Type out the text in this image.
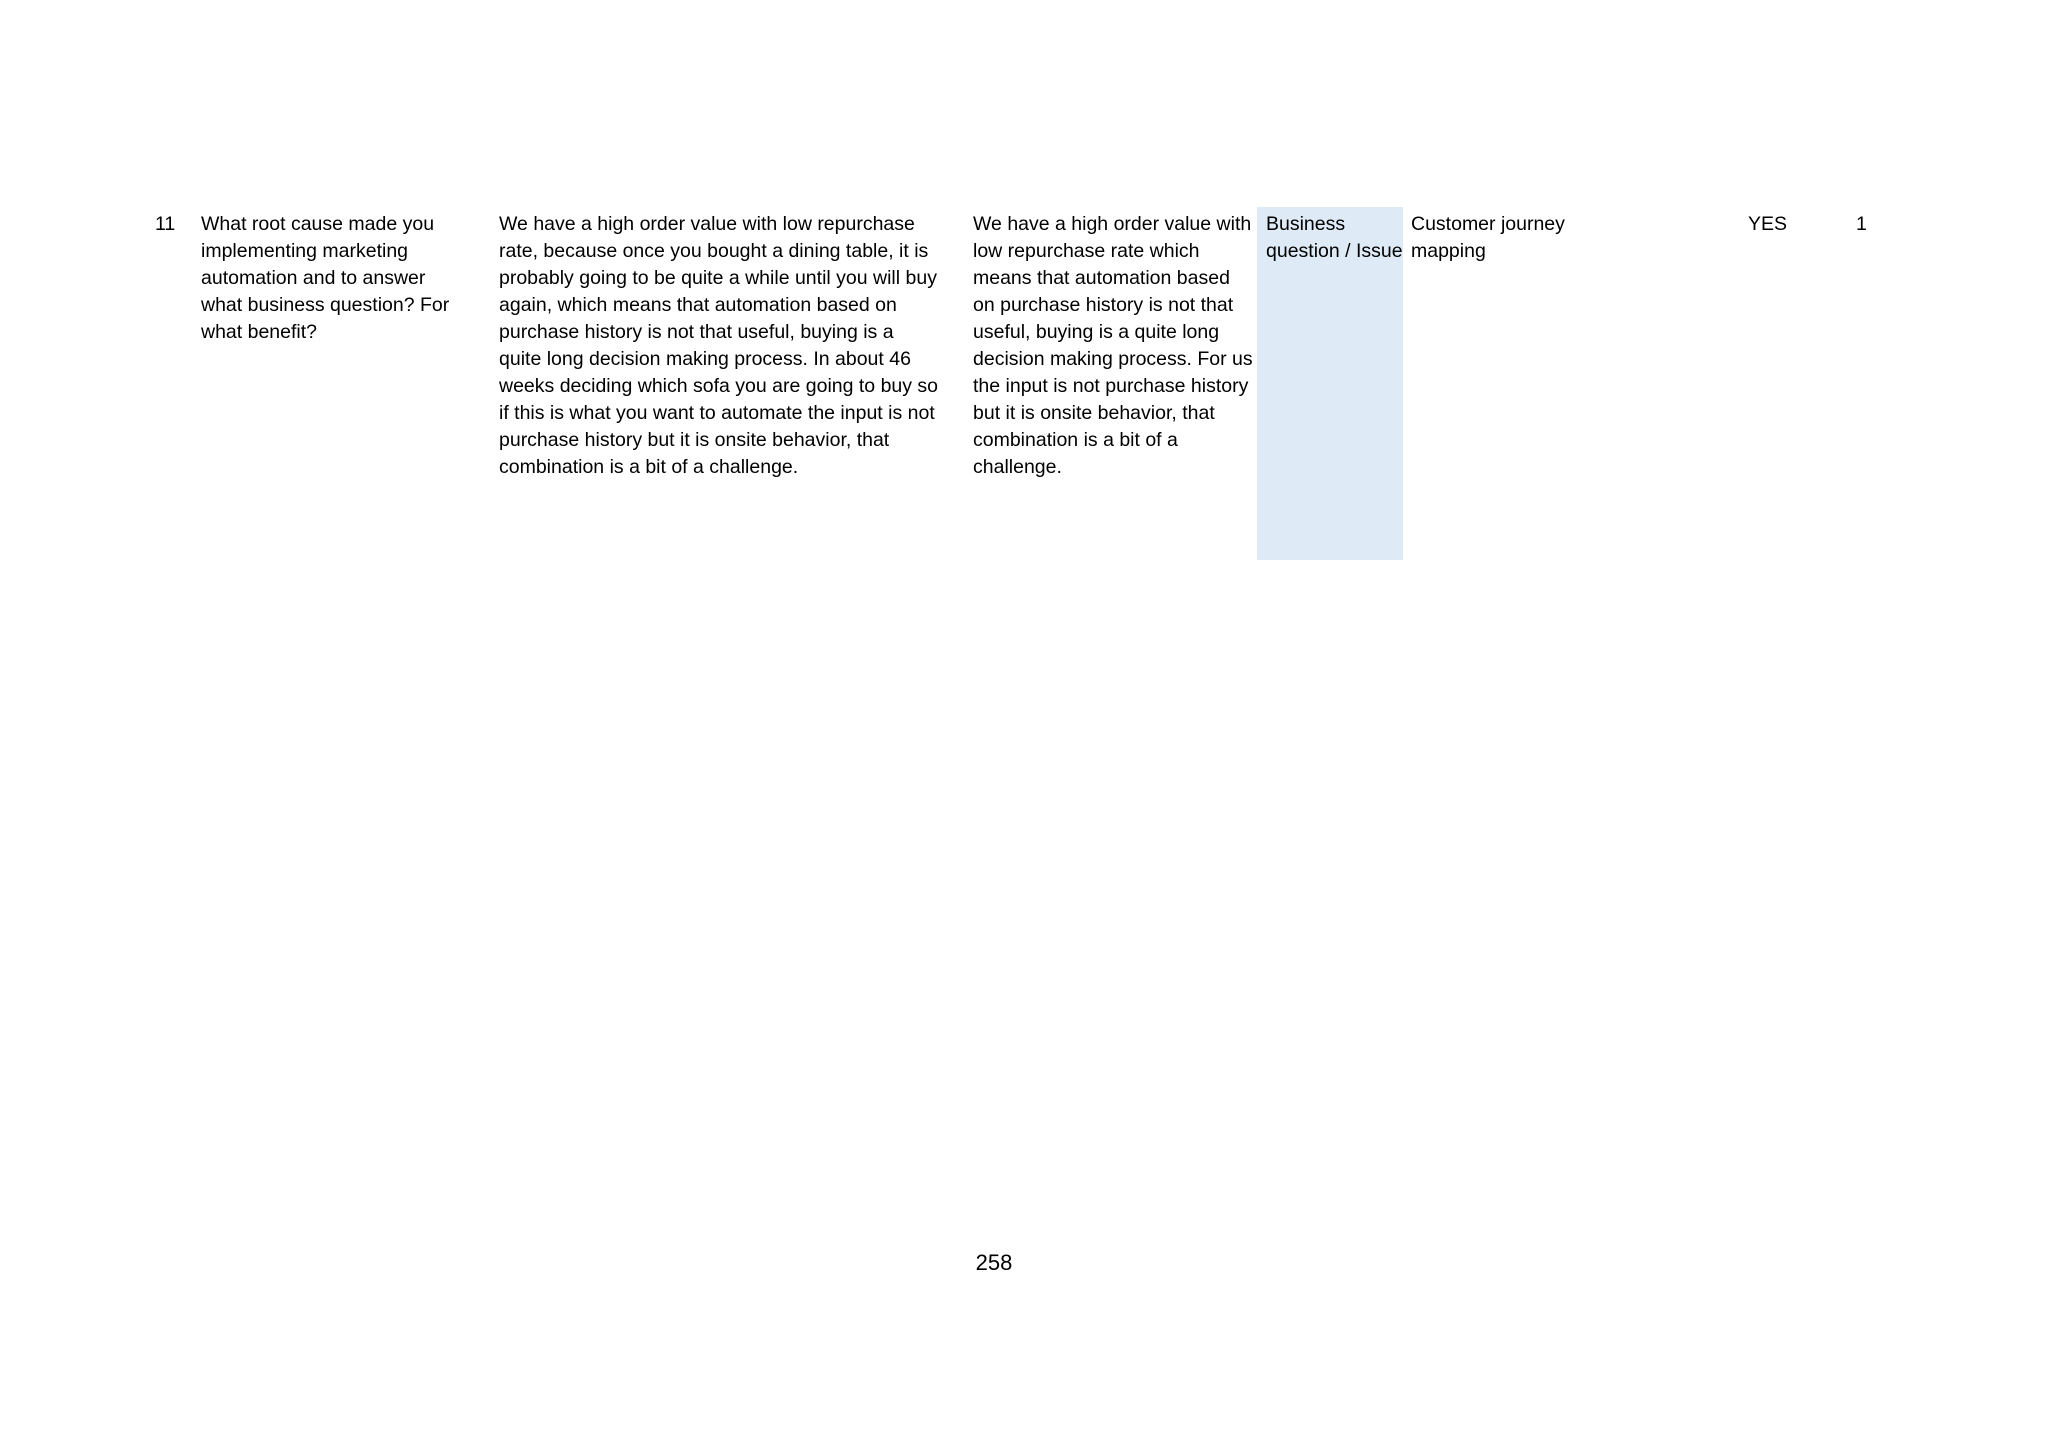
11	What root cause made you implementing marketing automation and to answer what business question? For what benefit?
We have a high order value with low repurchase rate, because once you bought a dining table, it is probably going to be quite a while until you will buy again, which means that automation based on purchase history is not that useful, buying is a quite long decision making process. In about 46 weeks deciding which sofa you are going to buy so if this is what you want to automate the input is not purchase history but it is onsite behavior, that combination is a bit of a challenge.
We have a high order value with low repurchase rate which means that automation based on purchase history is not that useful, buying is a quite long decision making process. For us the input is not purchase history but it is onsite behavior, that combination is a bit of a challenge.
Business question / Issue
Customer journey mapping
YES	1
258
